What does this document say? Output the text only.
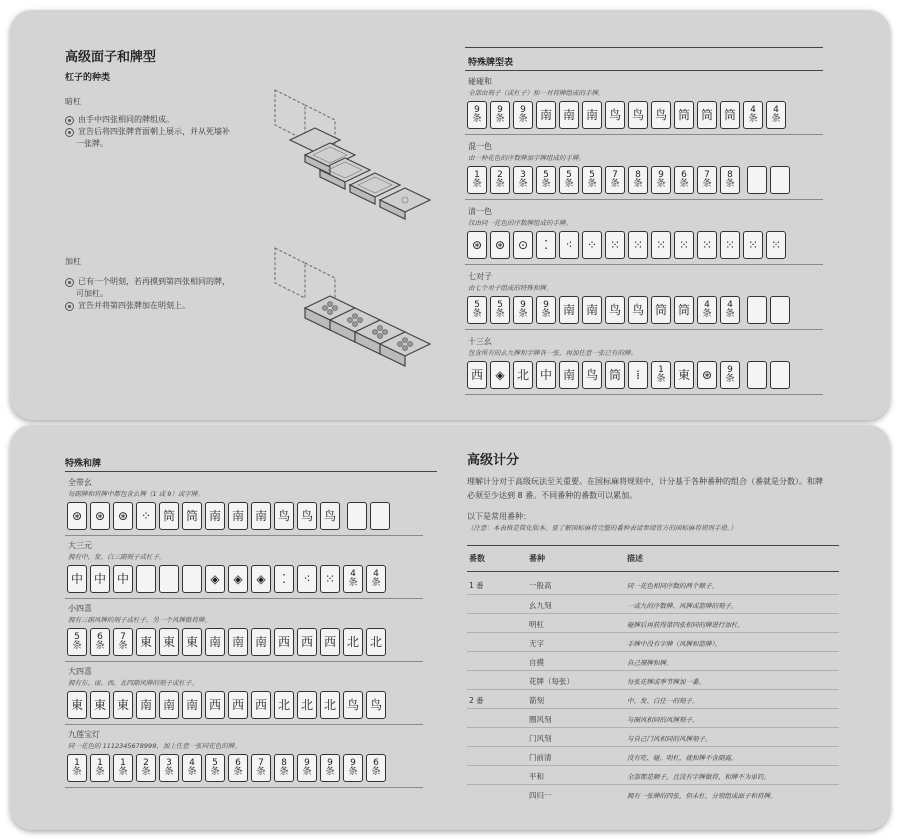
高级面子和牌型
杠子的种类
暗杠
由手中四张相同的牌组成。
宣告后将四张牌背面朝上展示，并从死墙补
一张牌。
加杠
已有一个明刻，若再摸到第四张相同的牌，
可加杠。
宣告并将第四张牌加在明刻上。
特殊牌型表
碰碰和
全部由刻子（或杠子）和一对将牌组成的手牌。
9
条
9
条
9
条 南 南 南 鸟 鸟 鸟 筒 筒 筒 4
条
4
条
混一色
由一种花色的序数牌加字牌组成的手牌。
1
条
2
条
3
条
5
条
5
条
5
条
7
条
8
条
9
条
6
条
7
条
8
条
清一色
仅由同一花色的序数牌组成的手牌。
⊛ ⊛ ⊙ ⁚ ⁖ ⁘ ⁙ ⁙ ⁙ ⁙ ⁙ ⁙ ⁙ ⁙
七对子
由七个对子组成的特殊和牌。
5
条
5
条
9
条
9
条 南 南 鸟 鸟 筒 筒 4
条
4
条
十三幺
包含所有的幺九牌和字牌各一张，再加任意一张已有的牌。
西 ◈ 北 中 南 鸟 筒 ⁞ 1
条 東 ⊛ 9
条
特殊和牌
全带幺
每副牌和将牌中都包含幺牌（1 或 9）或字牌。
⊛ ⊛ ⊛ ⁘ 筒 筒 南 南 南 鸟 鸟 鸟
大三元
拥有中、发、白三副刻子或杠子。
中 中 中	◈ ◈ ◈ ⁚ ⁖ ⁙ 4
条
4
条
小四喜
拥有三副风牌的刻子或杠子，另一个风牌做将牌。
5
条
6
条
7
条 東 東 東 南 南 南 西 西 西 北 北
大四喜
拥有东、南、西、北四副风牌的刻子或杠子。
東 東 東 南 南 南 西 西 西 北 北 北 鸟 鸟
九莲宝灯
同一花色的 1112345678999，加上任意一张同花色的牌。
1
条
1
条
1
条
2
条
3
条
4
条
5
条
6
条
7
条
8
条
9
条
9
条
9
条
6
条
高级计分
理解计分对于高级玩法至关重要。在国标麻将规则中，计分基于各种番种的组合（番就是分数）。和牌
必须至少达到 8 番。不同番种的番数可以累加。
以下是常用番种：
（注意：本表格是简化版本，要了解国标麻将完整的番种表请参阅官方的国标麻将规则手册。）
番数	番种	描述
1 番	一般高	同一花色相同序数的两个顺子。
幺九刻	一或九的序数牌、风牌或箭牌的刻子。
明杠	碰牌后再获得第四张相同的牌进行加杠。
无字	手牌中没有字牌（风牌和箭牌）。
自摸	自己摸牌和牌。
花牌（每张）	每张花牌或季节牌加一番。
2 番	箭刻	中、发、白任一的刻子。
圈风刻	与圈风相同的风牌刻子。
门风刻	与自己门风相同的风牌刻子。
门前清	没有吃、碰、明杠，就和牌不含副露。
平和	全部都是顺子，且没有字牌做将，和牌不为单钓。
四归一	拥有一张牌的四张，但未杠，分别组成面子和将牌。
